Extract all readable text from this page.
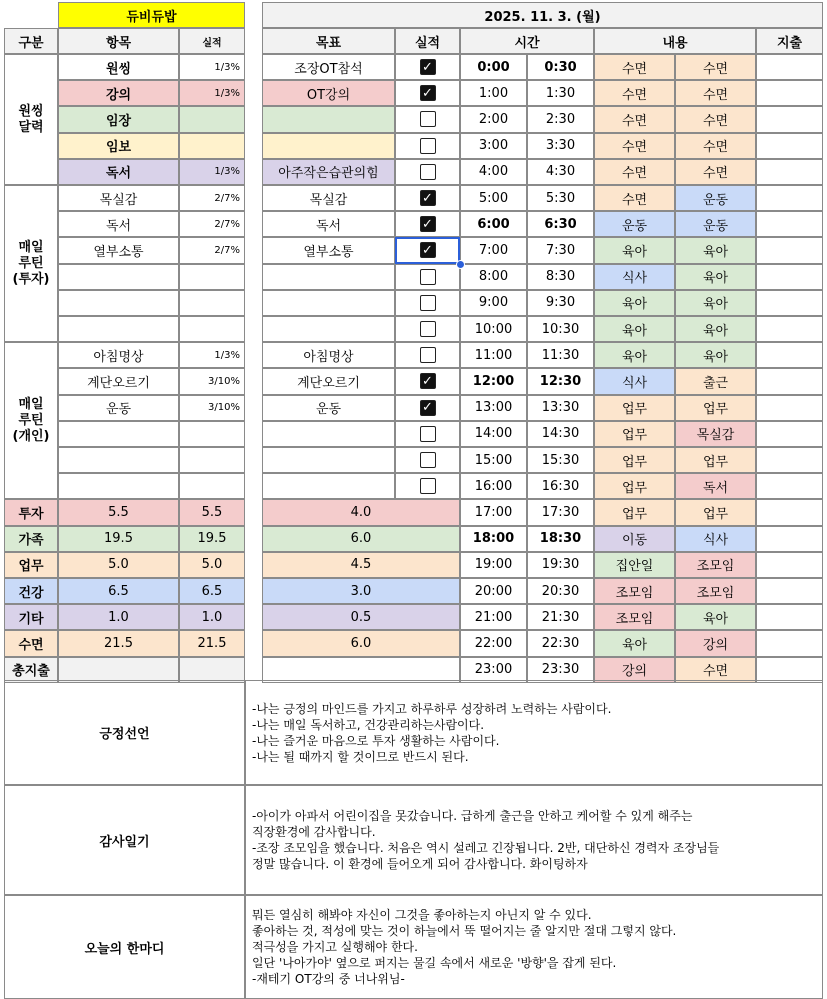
듀비듀밥
구분	항목	실적
원씽
달력
원씽	1/3%
강의	1/3%
임장
임보
독서	1/3%
매일
루틴
(투자)
목실감	2/7%
독서	2/7%
열부소통	2/7%
매일
루틴
(개인)
아침명상	1/3%
계단오르기	3/10%
운동	3/10%
투자	5.5	5.5
가족	19.5	19.5
업무	5.0	5.0
건강	6.5	6.5
기타	1.0	1.0
수면	21.5	21.5
총지출
2025. 11. 3. (월)
목표	실적	시간	내용	지출
조장OT참석	✓	0:00	0:30	수면	수면
OT강의	✓	1:00	1:30	수면	수면
2:00	2:30	수면	수면
3:00	3:30	수면	수면
아주작은습관의힘	4:00	4:30	수면	수면
목실감	✓	5:00	5:30	수면	운동
독서	✓	6:00	6:30	운동	운동
열부소통	✓	7:00	7:30	육아	육아
8:00	8:30	식사	육아
9:00	9:30	육아	육아
10:00	10:30	육아	육아
아침명상	11:00	11:30	육아	육아
계단오르기	✓	12:00	12:30	식사	출근
운동	✓	13:00	13:30	업무	업무
14:00	14:30	업무	목실감
15:00	15:30	업무	업무
16:00	16:30	업무	독서
4.0	17:00	17:30	업무	업무
6.0	18:00	18:30	이동	식사
4.5	19:00	19:30	집안일	조모임
3.0	20:00	20:30	조모임	조모임
0.5	21:00	21:30	조모임	육아
6.0	22:00	22:30	육아	강의
23:00	23:30	강의	수면
긍정선언
-나는 긍정의 마인드를 가지고 하루하루 성장하려 노력하는 사람이다.
-나는 매일 독서하고, 건강관리하는사람이다.
-나는 즐거운 마음으로 투자 생활하는 사람이다.
-나는 될 때까지 할 것이므로 반드시 된다.
감사일기
-아이가 아파서 어린이집을 못갔습니다. 급하게 출근을 안하고 케어할 수 있게 해주는
직장환경에 감사합니다.
-조장 조모임을 했습니다. 처음은 역시 설레고 긴장됩니다. 2반, 대단하신 경력자 조장님들
정말 많습니다. 이 환경에 들어오게 되어 감사합니다. 화이팅하자
오늘의 한마디
뭐든 열심히 해봐야 자신이 그것을 좋아하는지 아닌지 알 수 있다.
좋아하는 것, 적성에 맞는 것이 하늘에서 뚝 떨어지는 줄 알지만 절대 그렇지 않다.
적극성을 가지고 실행해야 한다.
일단 '나아가야' 옆으로 퍼지는 물길 속에서 새로운 '방향'을 잡게 된다.
-재테기 OT강의 중 너나위님-
